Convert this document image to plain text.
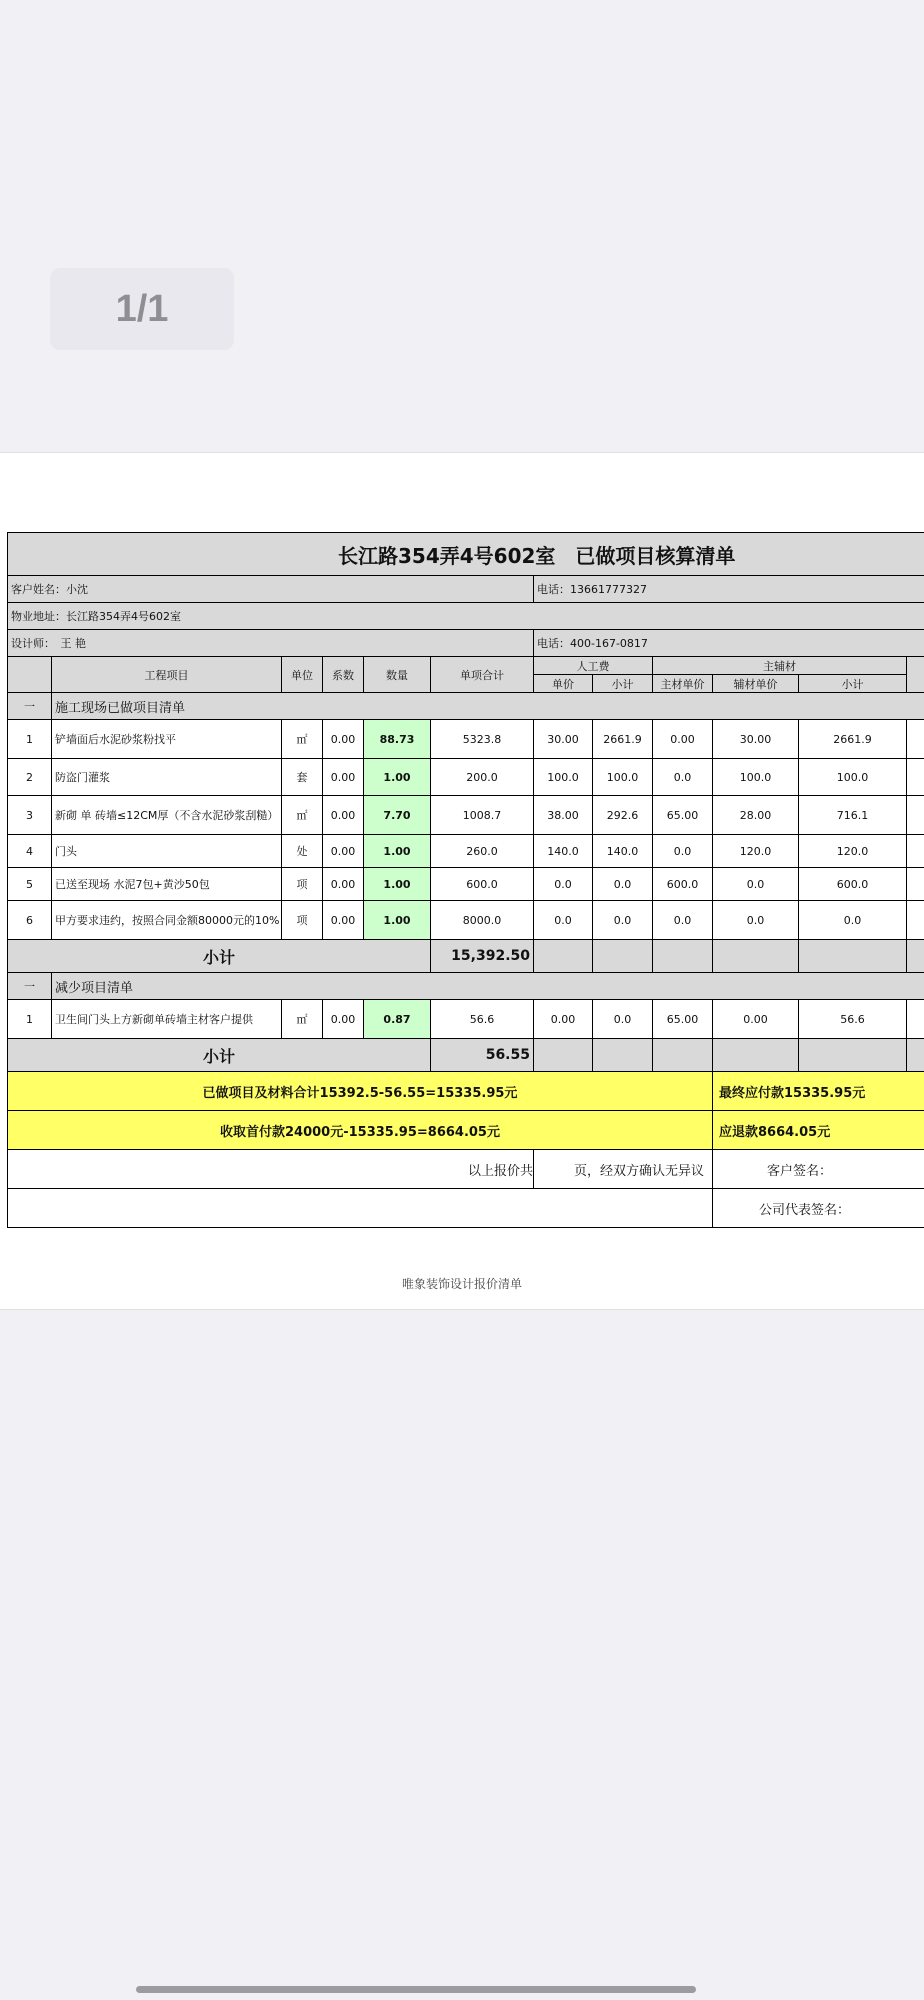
1/1
长江路354弄4号602室　已做项目核算清单											
客户姓名：小沈						电话：13661777327					
物业地址：长江路354弄4号602室											
设计师：　王 艳						电话：400-167-0817					
	工程项目	单位	系数	数量	单项合计	人工费		主辅材			
						单价	小计	主材单价	辅材单价	小计	
一	施工现场已做项目清单										
1	铲墙面后水泥砂浆粉找平	㎡	0.00	88.73	5323.8	30.00	2661.9	0.00	30.00	2661.9	
2	防盗门灌浆	套	0.00	1.00	200.0	100.0	100.0	0.0	100.0	100.0	
3	新砌 单 砖墙≤12CM厚（不含水泥砂浆刮糙）	㎡	0.00	7.70	1008.7	38.00	292.6	65.00	28.00	716.1	
4	门头	处	0.00	1.00	260.0	140.0	140.0	0.0	120.0	120.0	
5	已送至现场 水泥7包+黄沙50包	项	0.00	1.00	600.0	0.0	0.0	600.0	0.0	600.0	
6	甲方要求违约，按照合同金额80000元的10%	项	0.00	1.00	8000.0	0.0	0.0	0.0	0.0	0.0	
小计					15,392.50						
一	减少项目清单										
1	卫生间门头上方新砌单砖墙主材客户提供	㎡	0.00	0.87	56.6	0.00	0.0	65.00	0.00	56.6	
小计					56.55						
已做项目及材料合计15392.5-56.55=15335.95元									最终应付款15335.95元		
收取首付款24000元-15335.95=8664.05元									应退款8664.05元		
以上报价共						页，经双方确认无异议			客户签名：		
									公司代表签名：		
唯象装饰设计报价清单
